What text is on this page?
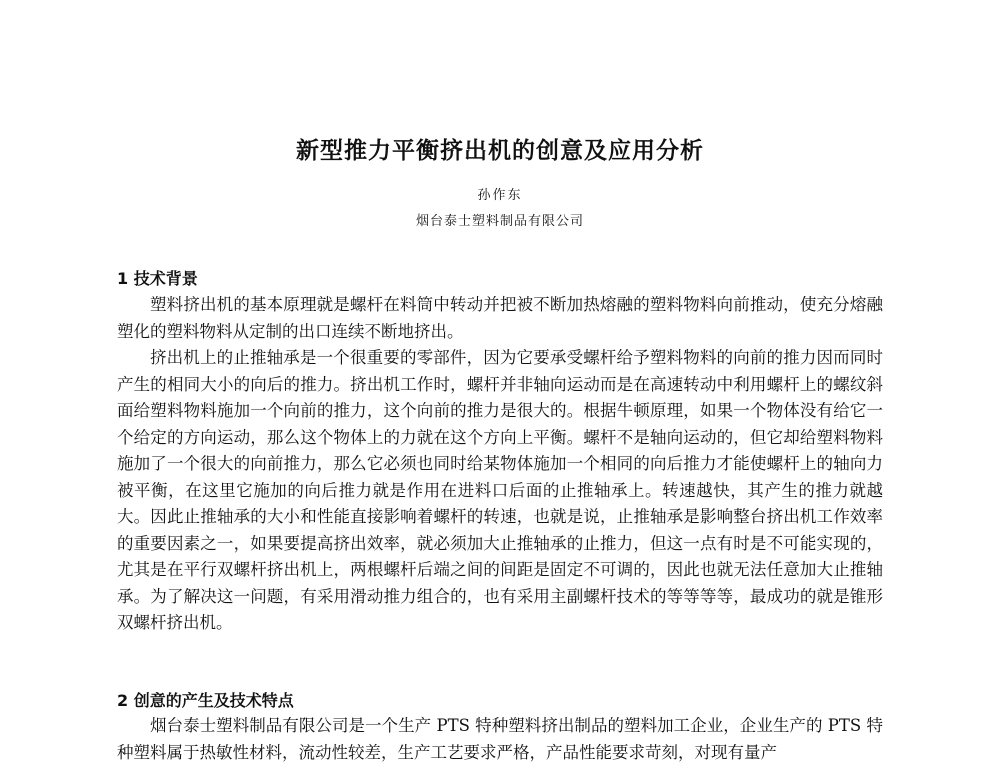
新型推力平衡挤出机的创意及应用分析
孙作东
烟台泰士塑料制品有限公司
1 技术背景

塑料挤出机的基本原理就是螺杆在料筒中转动并把被不断加热熔融的塑料物料向前推动，使充分熔融塑化的塑料物料从定制的出口连续不断地挤出。

挤出机上的止推轴承是一个很重要的零部件，因为它要承受螺杆给予塑料物料的向前的推力因而同时产生的相同大小的向后的推力。挤出机工作时，螺杆并非轴向运动而是在高速转动中利用螺杆上的螺纹斜面给塑料物料施加一个向前的推力，这个向前的推力是很大的。根据牛顿原理，如果一个物体没有给它一个给定的方向运动，那么这个物体上的力就在这个方向上平衡。螺杆不是轴向运动的，但它却给塑料物料施加了一个很大的向前推力，那么它必须也同时给某物体施加一个相同的向后推力才能使螺杆上的轴向力被平衡，在这里它施加的向后推力就是作用在进料口后面的止推轴承上。转速越快，其产生的推力就越大。因此止推轴承的大小和性能直接影响着螺杆的转速，也就是说，止推轴承是影响整台挤出机工作效率的重要因素之一，如果要提高挤出效率，就必须加大止推轴承的止推力，但这一点有时是不可能实现的，尤其是在平行双螺杆挤出机上，两根螺杆后端之间的间距是固定不可调的，因此也就无法任意加大止推轴承。为了解决这一问题，有采用滑动推力组合的，也有采用主副螺杆技术的等等等等，最成功的就是锥形双螺杆挤出机。

2 创意的产生及技术特点

烟台泰士塑料制品有限公司是一个生产 PTS 特种塑料挤出制品的塑料加工企业，企业生产的 PTS 特种塑料属于热敏性材料，流动性较差，生产工艺要求严格，产品性能要求苛刻，对现有量产
